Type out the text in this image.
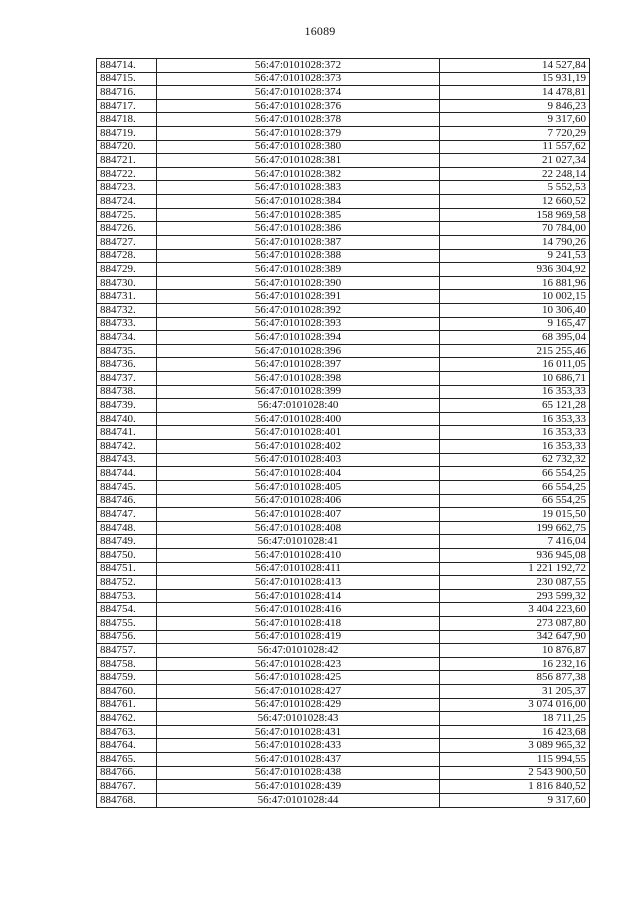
16089
884714.	56:47:0101028:372	14 527,84
884715.	56:47:0101028:373	15 931,19
884716.	56:47:0101028:374	14 478,81
884717.	56:47:0101028:376	9 846,23
884718.	56:47:0101028:378	9 317,60
884719.	56:47:0101028:379	7 720,29
884720.	56:47:0101028:380	11 557,62
884721.	56:47:0101028:381	21 027,34
884722.	56:47:0101028:382	22 248,14
884723.	56:47:0101028:383	5 552,53
884724.	56:47:0101028:384	12 660,52
884725.	56:47:0101028:385	158 969,58
884726.	56:47:0101028:386	70 784,00
884727.	56:47:0101028:387	14 790,26
884728.	56:47:0101028:388	9 241,53
884729.	56:47:0101028:389	936 304,92
884730.	56:47:0101028:390	16 881,96
884731.	56:47:0101028:391	10 002,15
884732.	56:47:0101028:392	10 306,40
884733.	56:47:0101028:393	9 165,47
884734.	56:47:0101028:394	68 395,04
884735.	56:47:0101028:396	215 255,46
884736.	56:47:0101028:397	16 011,05
884737.	56:47:0101028:398	10 686,71
884738.	56:47:0101028:399	16 353,33
884739.	56:47:0101028:40	65 121,28
884740.	56:47:0101028:400	16 353,33
884741.	56:47:0101028:401	16 353,33
884742.	56:47:0101028:402	16 353,33
884743.	56:47:0101028:403	62 732,32
884744.	56:47:0101028:404	66 554,25
884745.	56:47:0101028:405	66 554,25
884746.	56:47:0101028:406	66 554,25
884747.	56:47:0101028:407	19 015,50
884748.	56:47:0101028:408	199 662,75
884749.	56:47:0101028:41	7 416,04
884750.	56:47:0101028:410	936 945,08
884751.	56:47:0101028:411	1 221 192,72
884752.	56:47:0101028:413	230 087,55
884753.	56:47:0101028:414	293 599,32
884754.	56:47:0101028:416	3 404 223,60
884755.	56:47:0101028:418	273 087,80
884756.	56:47:0101028:419	342 647,90
884757.	56:47:0101028:42	10 876,87
884758.	56:47:0101028:423	16 232,16
884759.	56:47:0101028:425	856 877,38
884760.	56:47:0101028:427	31 205,37
884761.	56:47:0101028:429	3 074 016,00
884762.	56:47:0101028:43	18 711,25
884763.	56:47:0101028:431	16 423,68
884764.	56:47:0101028:433	3 089 965,32
884765.	56:47:0101028:437	115 994,55
884766.	56:47:0101028:438	2 543 900,50
884767.	56:47:0101028:439	1 816 840,52
884768.	56:47:0101028:44	9 317,60
